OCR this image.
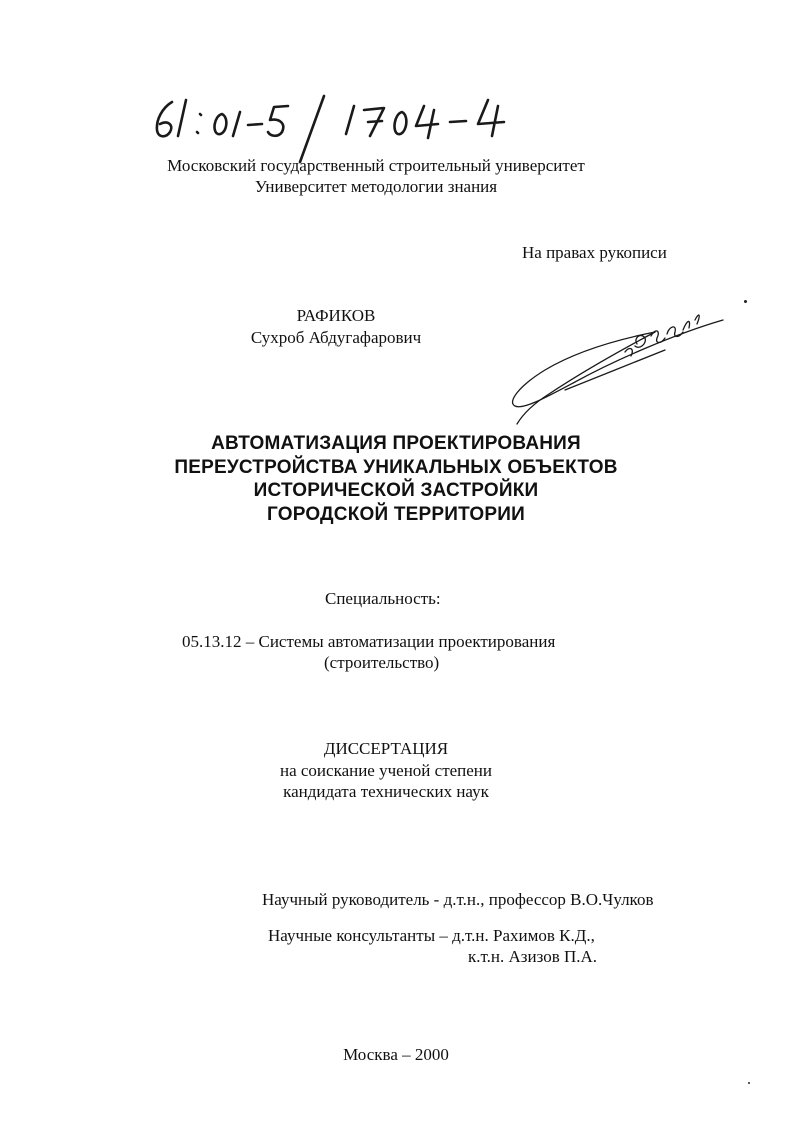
Московский государственный строительный университет
Университет методологии знания
На правах рукописи
РАФИКОВ
Сухроб Абдугафарович
АВТОМАТИЗАЦИЯ ПРОЕКТИРОВАНИЯ
ПЕРЕУСТРОЙСТВА УНИКАЛЬНЫХ ОБЪЕКТОВ
ИСТОРИЧЕСКОЙ ЗАСТРОЙКИ
ГОРОДСКОЙ ТЕРРИТОРИИ
Специальность:
05.13.12 – Системы автоматизации проектирования
(строительство)
ДИССЕРТАЦИЯ
на соискание ученой степени
кандидата технических наук
Научный руководитель - д.т.н., профессор В.О.Чулков
Научные консультанты – д.т.н. Рахимов К.Д.,
к.т.н. Азизов П.А.
Москва – 2000
